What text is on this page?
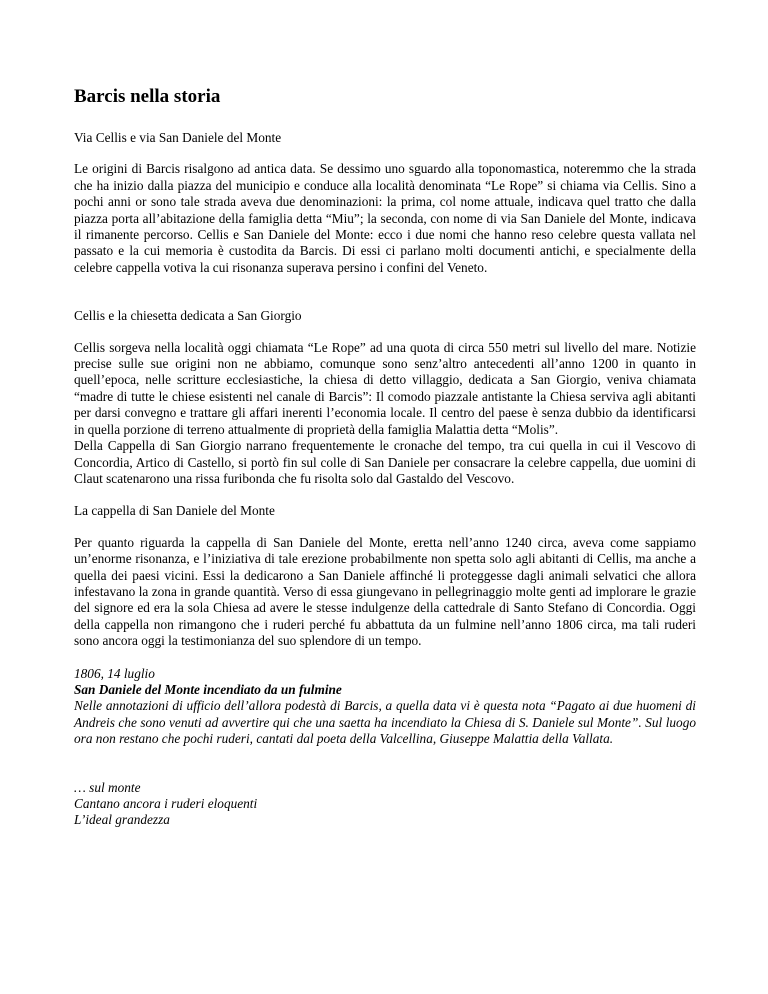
Barcis nella storia
Via Cellis e via San Daniele del Monte

Le origini di Barcis risalgono ad antica data. Se dessimo uno sguardo alla toponomastica, noteremmo che la strada che ha inizio dalla piazza del municipio e conduce alla località denominata “Le Rope” si chiama via Cellis. Sino a pochi anni or sono tale strada aveva due denominazioni: la prima, col nome attuale, indicava quel tratto che dalla piazza porta all’abitazione della famiglia detta “Miu”; la seconda, con nome di via San Daniele del Monte, indicava il rimanente percorso. Cellis e San Daniele del Monte: ecco i due nomi che hanno reso celebre questa vallata nel passato e la cui memoria è custodita da Barcis. Di essi ci parlano molti documenti antichi, e specialmente della celebre cappella votiva la cui risonanza superava persino i confini del Veneto.

Cellis e la chiesetta dedicata a San Giorgio

Cellis sorgeva nella località oggi chiamata “Le Rope” ad una quota di circa 550 metri sul livello del mare. Notizie precise sulle sue origini non ne abbiamo, comunque sono senz’altro antecedenti all’anno 1200 in quanto in quell’epoca, nelle scritture ecclesiastiche, la chiesa di detto villaggio, dedicata a San Giorgio, veniva chiamata “madre di tutte le chiese esistenti nel canale di Barcis”: Il comodo piazzale antistante la Chiesa serviva agli abitanti per darsi convegno e trattare gli affari inerenti l’economia locale. Il centro del paese è senza dubbio da identificarsi in quella porzione di terreno attualmente di proprietà della famiglia Malattia detta “Molis”.

Della Cappella di San Giorgio narrano frequentemente le cronache del tempo, tra cui quella in cui il Vescovo di Concordia, Artico di Castello, si portò fin sul colle di San Daniele per consacrare la celebre cappella, due uomini di Claut scatenarono una rissa furibonda che fu risolta solo dal Gastaldo del Vescovo.

La cappella di San Daniele del Monte

Per quanto riguarda la cappella di San Daniele del Monte, eretta nell’anno 1240 circa, aveva come sappiamo un’enorme risonanza, e l’iniziativa di tale erezione probabilmente non spetta solo agli abitanti di Cellis, ma anche a quella dei paesi vicini. Essi la dedicarono a San Daniele affinché li proteggesse dagli animali selvatici che allora infestavano la zona in grande quantità. Verso di essa giungevano in pellegrinaggio molte genti ad implorare le grazie del signore ed era la sola Chiesa ad avere le stesse indulgenze della cattedrale di Santo Stefano di Concordia. Oggi della cappella non rimangono che i ruderi perché fu abbattuta da un fulmine nell’anno 1806 circa, ma tali ruderi sono ancora oggi la testimonianza del suo splendore di un tempo.

1806, 14 luglio
San Daniele del Monte incendiato da un fulmine

Nelle annotazioni di ufficio dell’allora podestà di Barcis, a quella data vi è questa nota “Pagato ai due huomeni di Andreis che sono venuti ad avvertire qui che una saetta ha incendiato la Chiesa di S. Daniele sul Monte”. Sul luogo ora non restano che pochi ruderi, cantati dal poeta della Valcellina, Giuseppe Malattia della Vallata.

… sul monte
Cantano ancora i ruderi eloquenti
L’ideal grandezza
